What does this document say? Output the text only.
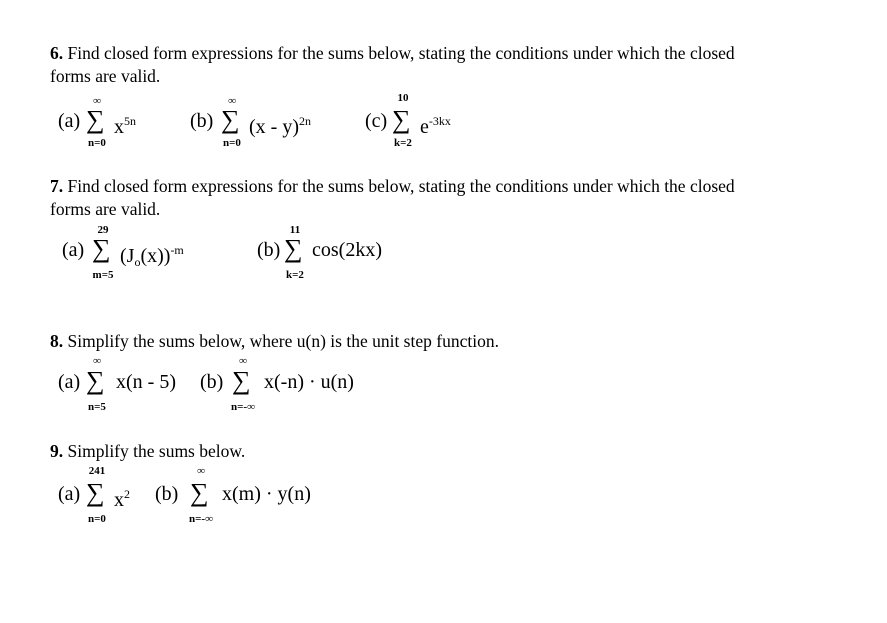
6. Find closed form expressions for the sums below, stating the conditions under which the closed
forms are valid.
(a)
∞
∑
n=0
$x^{5n}$	(b)
∞
∑
n=0
(x - y)$^{2n}$	(c)
10
∑
k=2
$e^{-3kx}$
7. Find closed form expressions for the sums below, stating the conditions under which the closed
forms are valid.
(a)
29
∑
m=5
$(J_o(x))^{-m}$	(b)
11
∑
k=2
cos(2kx)
8. Simplify the sums below, where u(n) is the unit step function.
(a)
∞
∑
n=5
x(n - 5) (b)
∞
∑
n=-∞
x(-n) · u(n)
9. Simplify the sums below.
(a)
241
∑
n=0
$x^2$ (b)
∞
∑
n=-∞
x(m) · y(n)
